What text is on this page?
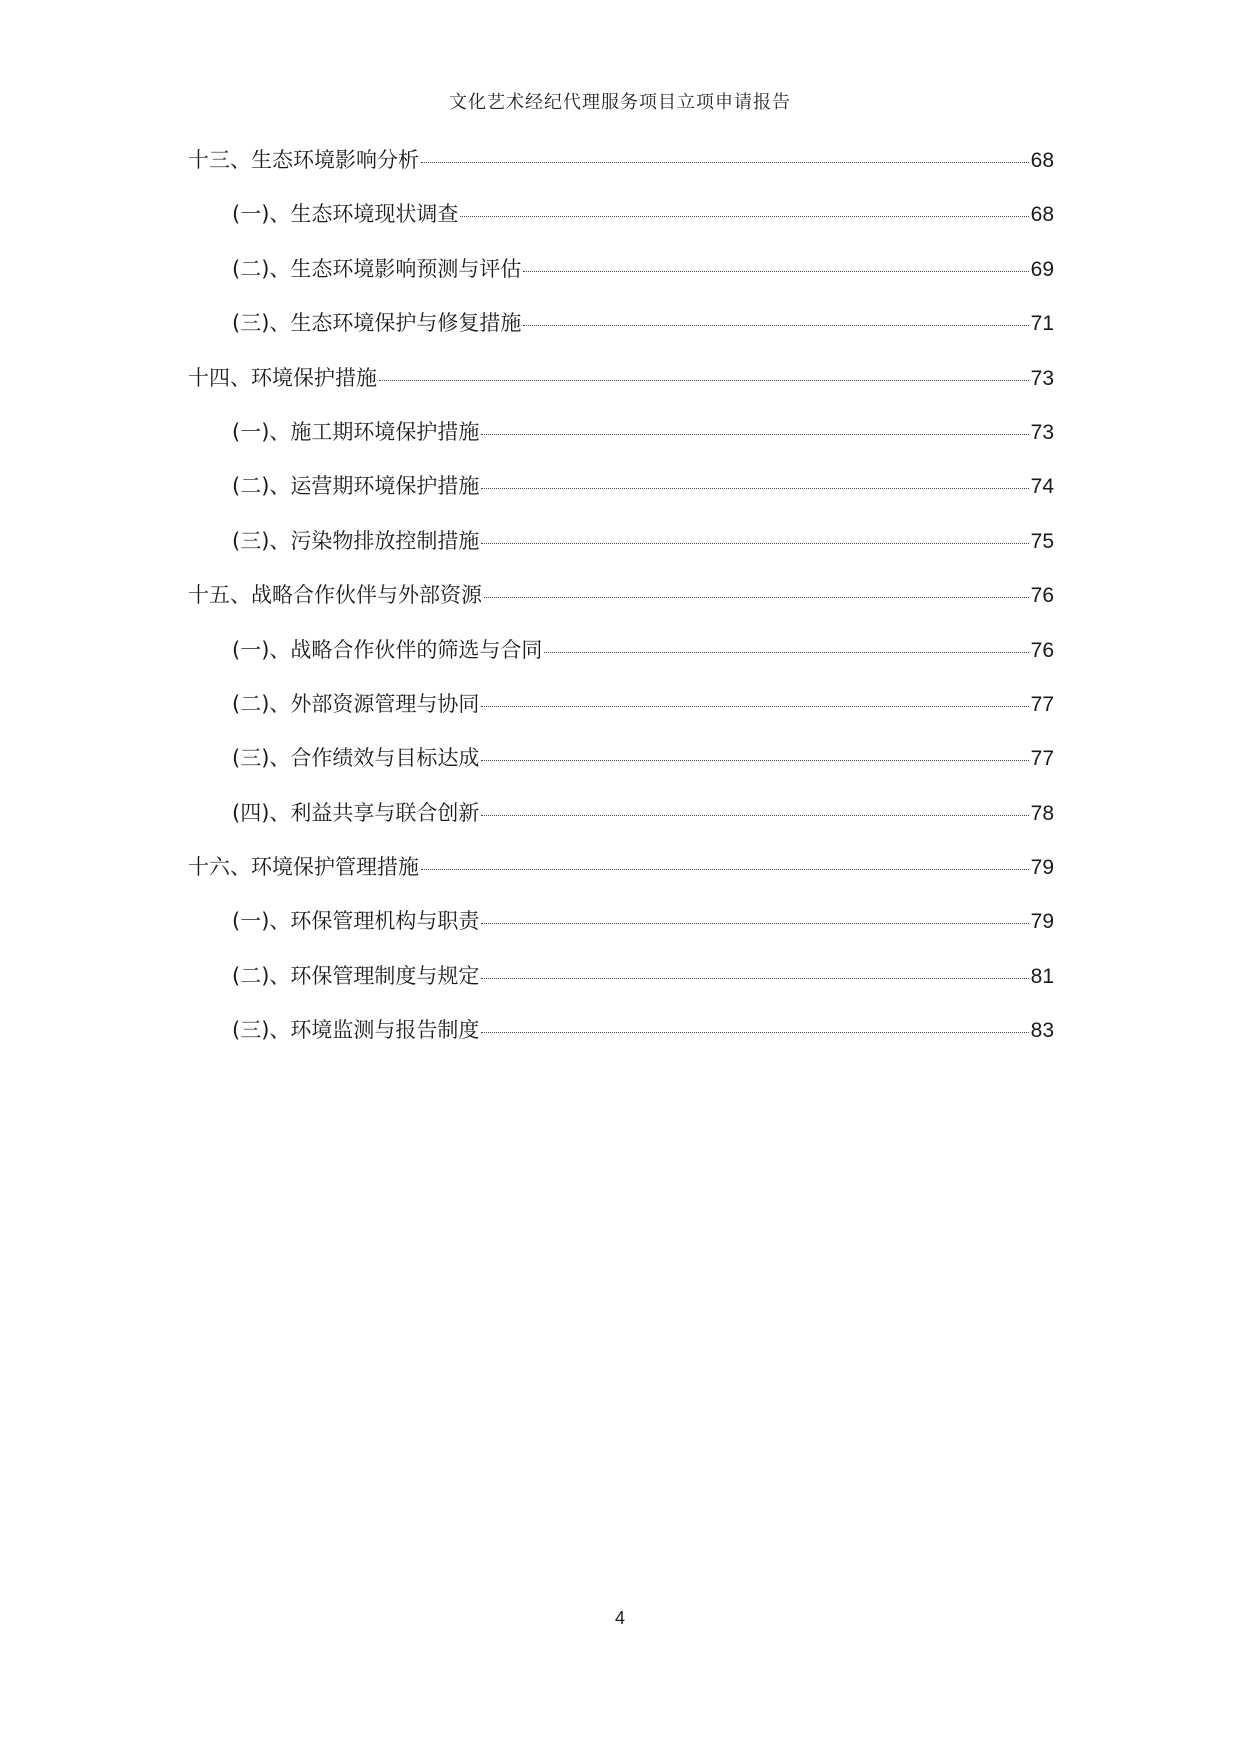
文化艺术经纪代理服务项目立项申请报告
十三、生态环境影响分析	68
(一)、生态环境现状调查	68
(二)、生态环境影响预测与评估	69
(三)、生态环境保护与修复措施	71
十四、环境保护措施	73
(一)、施工期环境保护措施	73
(二)、运营期环境保护措施	74
(三)、污染物排放控制措施	75
十五、战略合作伙伴与外部资源	76
(一)、战略合作伙伴的筛选与合同	76
(二)、外部资源管理与协同	77
(三)、合作绩效与目标达成	77
(四)、利益共享与联合创新	78
十六、环境保护管理措施	79
(一)、环保管理机构与职责	79
(二)、环保管理制度与规定	81
(三)、环境监测与报告制度	83
4
